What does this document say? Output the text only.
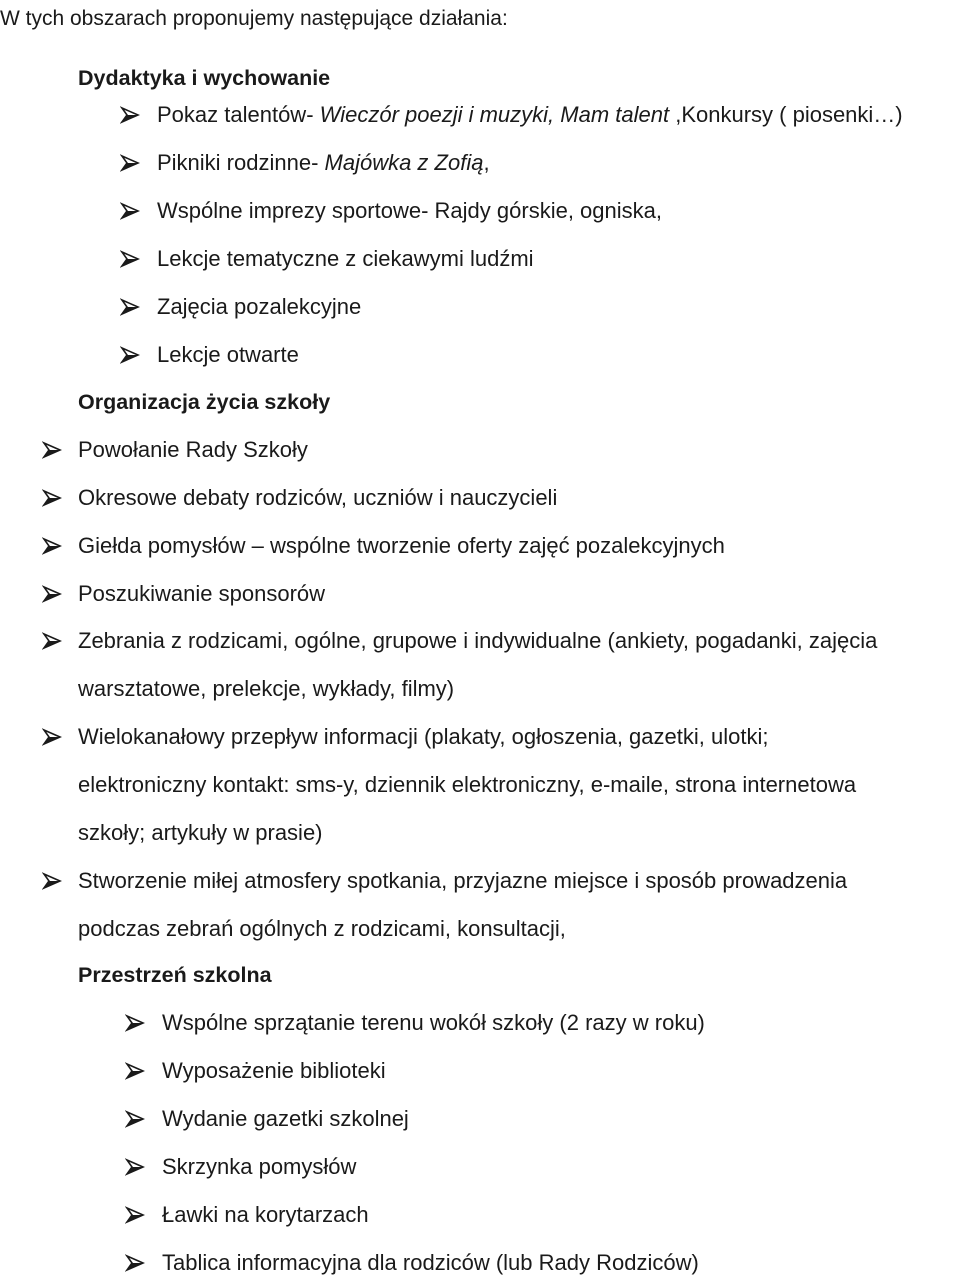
W tych obszarach proponujemy następujące działania:
Dydaktyka i wychowanie
Organizacja życia szkoły
Przestrzeń szkolna
Pokaz talentów- Wieczór poezji i muzyki, Mam talent ,Konkursy ( piosenki…)
Pikniki rodzinne- Majówka z Zofią,
Wspólne imprezy sportowe- Rajdy górskie, ogniska,
Lekcje tematyczne z ciekawymi ludźmi
Zajęcia pozalekcyjne
Lekcje otwarte
Powołanie Rady Szkoły
Okresowe debaty rodziców, uczniów i nauczycieli
Giełda pomysłów – wspólne tworzenie oferty zajęć pozalekcyjnych
Poszukiwanie sponsorów
Zebrania z rodzicami, ogólne, grupowe i indywidualne (ankiety, pogadanki, zajęcia
warsztatowe, prelekcje, wykłady, filmy)
Wielokanałowy przepływ informacji (plakaty, ogłoszenia, gazetki, ulotki;
elektroniczny kontakt: sms-y, dziennik elektroniczny, e-maile, strona internetowa
szkoły; artykuły w prasie)
Stworzenie miłej atmosfery spotkania, przyjazne miejsce i sposób prowadzenia
podczas zebrań ogólnych z rodzicami, konsultacji,
Wspólne sprzątanie terenu wokół szkoły (2 razy w roku)
Wyposażenie biblioteki
Wydanie gazetki szkolnej
Skrzynka pomysłów
Ławki na korytarzach
Tablica informacyjna dla rodziców (lub Rady Rodziców)
